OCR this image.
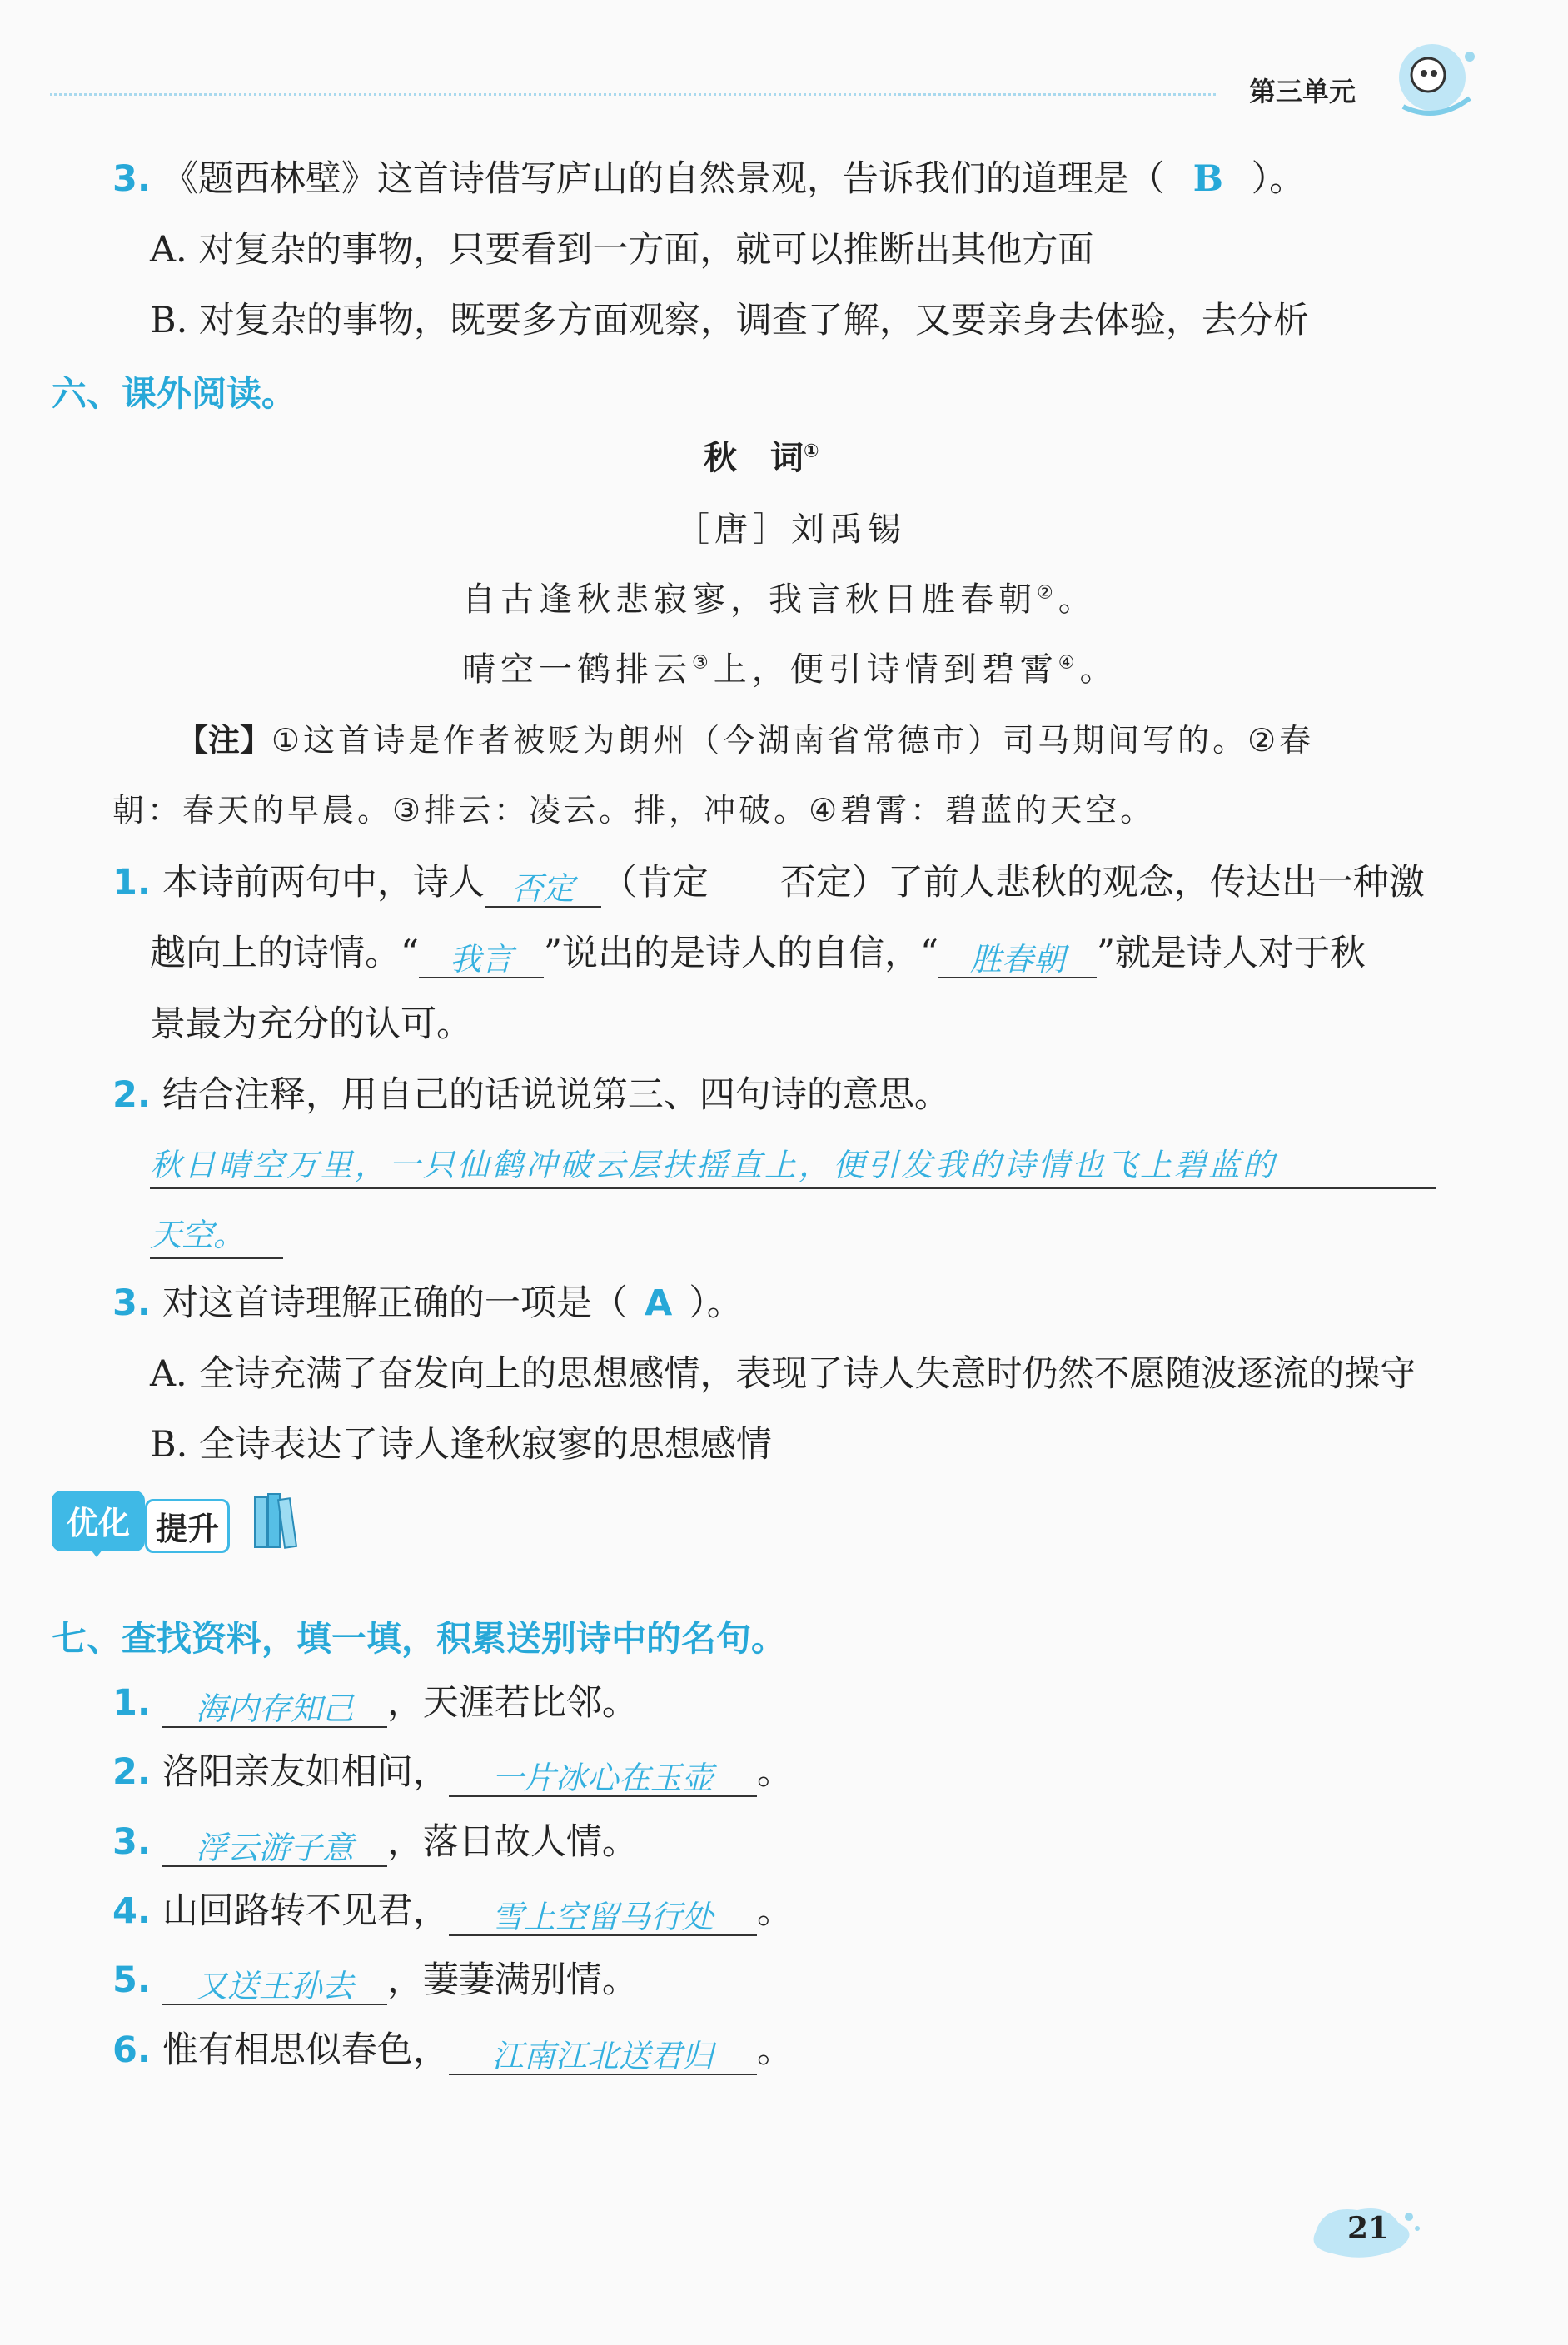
第三单元
3. 《题西林壁》这首诗借写庐山的自然景观，告诉我们的道理是（ B ）。
A. 对复杂的事物，只要看到一方面，就可以推断出其他方面
B. 对复杂的事物，既要多方面观察，调查了解，又要亲身去体验，去分析
六、课外阅读。
秋　词①
［唐］刘禹锡
自古逢秋悲寂寥，我言秋日胜春朝②。
晴空一鹤排云③上，便引诗情到碧霄④。
【注】①这首诗是作者被贬为朗州（今湖南省常德市）司马期间写的。②春
朝：春天的早晨。③排云：凌云。排，冲破。④碧霄：碧蓝的天空。
1. 本诗前两句中，诗人 否定 （肯定　　否定）了前人悲秋的观念，传达出一种激
越向上的诗情。“ 我言 ”说出的是诗人的自信，“ 胜春朝 ”就是诗人对于秋
景最为充分的认可。
2. 结合注释，用自己的话说说第三、四句诗的意思。
秋日晴空万里，一只仙鹤冲破云层扶摇直上，便引发我的诗情也飞上碧蓝的
天空。
3. 对这首诗理解正确的一项是（ A ）。
A. 全诗充满了奋发向上的思想感情，表现了诗人失意时仍然不愿随波逐流的操守
B. 全诗表达了诗人逢秋寂寥的思想感情
优化 提升
七、查找资料，填一填，积累送别诗中的名句。
1. 海内存知己 ，天涯若比邻。
2. 洛阳亲友如相问， 一片冰心在玉壶 。
3. 浮云游子意 ，落日故人情。
4. 山回路转不见君， 雪上空留马行处 。
5. 又送王孙去 ，萋萋满别情。
6. 惟有相思似春色， 江南江北送君归 。
21
